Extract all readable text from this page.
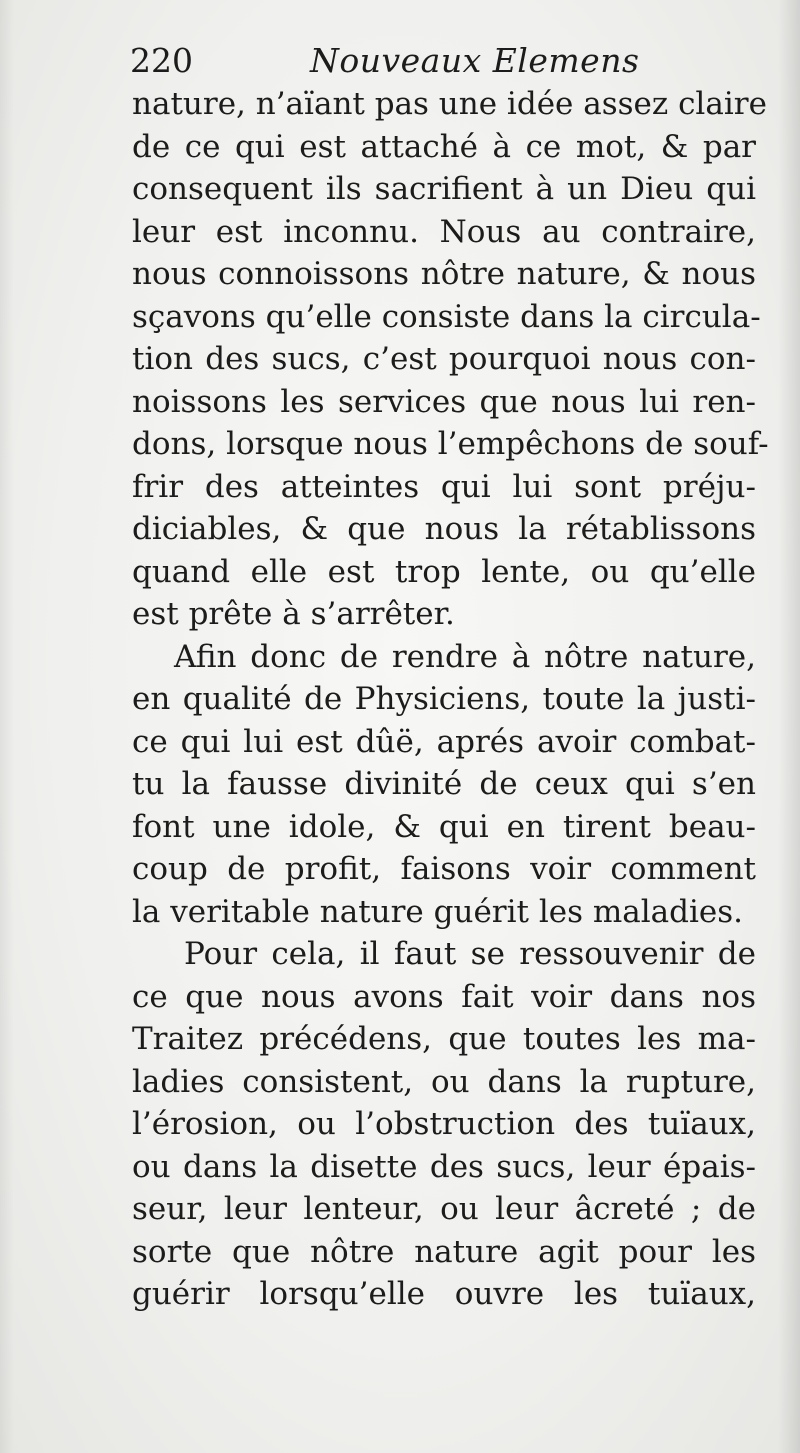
220	Nouveaux Elemens
nature, n’aïant pas une idée assez claire
de ce qui est attaché à ce mot, & par
consequent ils sacrifient à un Dieu qui
leur est inconnu. Nous au contraire,
nous connoissons nôtre nature, & nous
sçavons qu’elle consiste dans la circula-
tion des sucs, c’est pourquoi nous con-
noissons les services que nous lui ren-
dons, lorsque nous l’empêchons de souf-
frir des atteintes qui lui sont préju-
diciables, & que nous la rétablissons
quand elle est trop lente, ou qu’elle
est prête à s’arrêter.
Afin donc de rendre à nôtre nature,
en qualité de Physiciens, toute la justi-
ce qui lui est dûë, aprés avoir combat-
tu la fausse divinité de ceux qui s’en
font une idole, & qui en tirent beau-
coup de profit, faisons voir comment
la veritable nature guérit les maladies.
Pour cela, il faut se ressouvenir de
ce que nous avons fait voir dans nos
Traitez précédens, que toutes les ma-
ladies consistent, ou dans la rupture,
l’érosion, ou l’obstruction des tuïaux,
ou dans la disette des sucs, leur épais-
seur, leur lenteur, ou leur âcreté ; de
sorte que nôtre nature agit pour les
guérir lorsqu’elle ouvre les tuïaux,
